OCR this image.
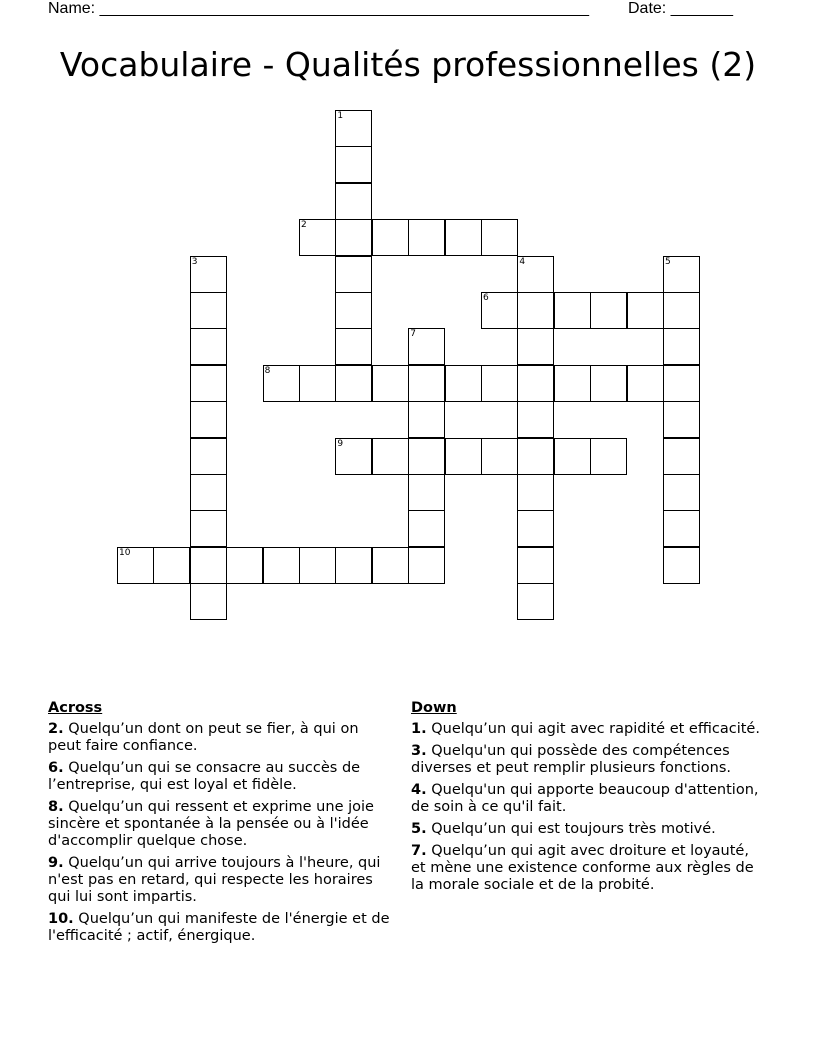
Name: _______________________________________________________ Date: _______
Vocabulaire - Qualités professionnelles (2)
1
2
3	4	5
6
7
8
9
10
Across
2. Quelqu’un dont on peut se fier, à qui on peut faire confiance.
6. Quelqu’un qui se consacre au succès de l’entreprise, qui est loyal et fidèle.
8. Quelqu’un qui ressent et exprime une joie sincère et spontanée à la pensée ou à l'idée d'accomplir quelque chose.
9. Quelqu’un qui arrive toujours à l'heure, qui n'est pas en retard, qui respecte les horaires qui lui sont impartis.
10. Quelqu’un qui manifeste de l'énergie et de l'efficacité ; actif, énergique.
Down
1. Quelqu’un qui agit avec rapidité et efficacité.
3. Quelqu'un qui possède des compétences diverses et peut remplir plusieurs fonctions.
4. Quelqu'un qui apporte beaucoup d'attention, de soin à ce qu'il fait.
5. Quelqu’un qui est toujours très motivé.
7. Quelqu’un qui agit avec droiture et loyauté, et mène une existence conforme aux règles de la morale sociale et de la probité.
